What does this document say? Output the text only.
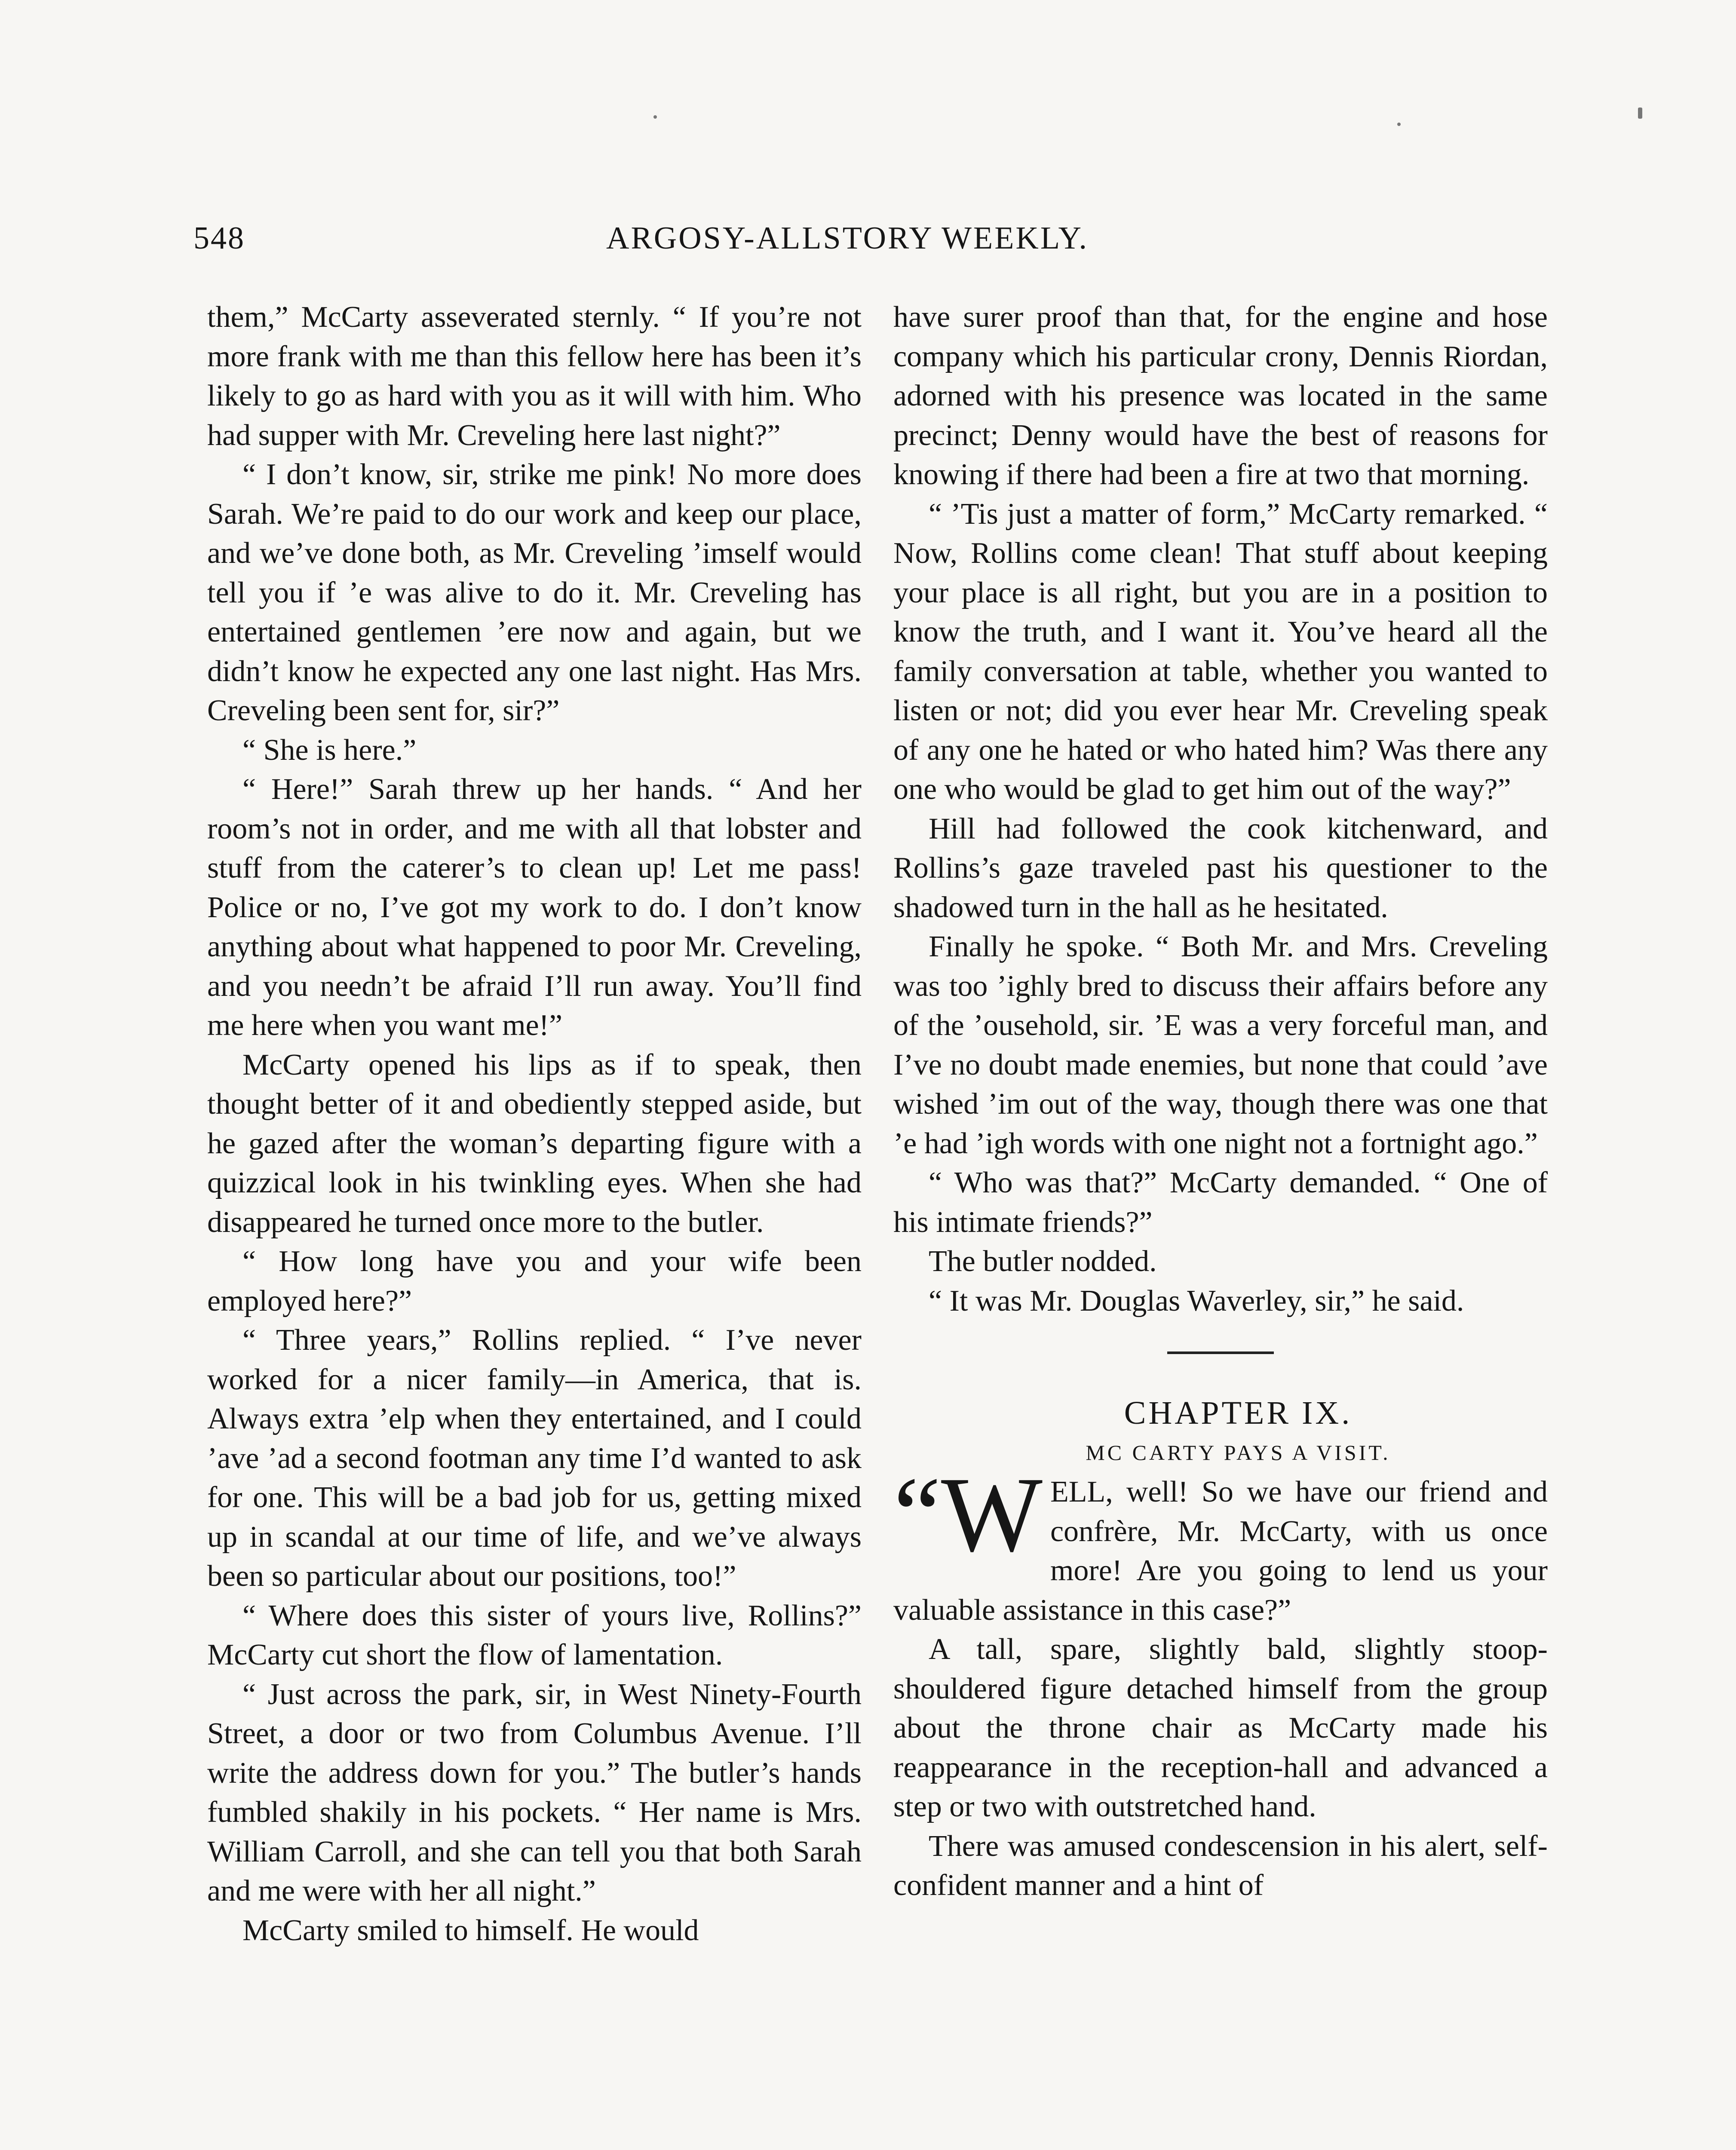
548	ARGOSY-ALLSTORY WEEKLY.

them,” McCarty asseverated sternly. “ If you’re not more frank with me than this fellow here has been it’s likely to go as hard with you as it will with him. Who had supper with Mr. Creveling here last night?”

“ I don’t know, sir, strike me pink! No more does Sarah. We’re paid to do our work and keep our place, and we’ve done both, as Mr. Creveling ’imself would tell you if ’e was alive to do it. Mr. Creveling has entertained gentlemen ’ere now and again, but we didn’t know he expected any one last night. Has Mrs. Creveling been sent for, sir?”

“ She is here.”

“ Here!” Sarah threw up her hands. “ And her room’s not in order, and me with all that lobster and stuff from the caterer’s to clean up! Let me pass! Police or no, I’ve got my work to do. I don’t know anything about what happened to poor Mr. Creveling, and you needn’t be afraid I’ll run away. You’ll find me here when you want me!”

McCarty opened his lips as if to speak, then thought better of it and obediently stepped aside, but he gazed after the woman’s departing figure with a quizzical look in his twinkling eyes. When she had disappeared he turned once more to the butler.

“ How long have you and your wife been employed here?”

“ Three years,” Rollins replied. “ I’ve never worked for a nicer family—in America, that is. Always extra ’elp when they entertained, and I could ’ave ’ad a second footman any time I’d wanted to ask for one. This will be a bad job for us, getting mixed up in scandal at our time of life, and we’ve always been so particular about our positions, too!”

“ Where does this sister of yours live, Rollins?” McCarty cut short the flow of lamentation.

“ Just across the park, sir, in West Ninety-Fourth Street, a door or two from Columbus Avenue. I’ll write the address down for you.” The butler’s hands fumbled shakily in his pockets. “ Her name is Mrs. William Carroll, and she can tell you that both Sarah and me were with her all night.”

McCarty smiled to himself. He would

have surer proof than that, for the engine and hose company which his particular crony, Dennis Riordan, adorned with his presence was located in the same precinct; Denny would have the best of reasons for knowing if there had been a fire at two that morning.

“ ’Tis just a matter of form,” McCarty remarked. “ Now, Rollins come clean! That stuff about keeping your place is all right, but you are in a position to know the truth, and I want it. You’ve heard all the family conversation at table, whether you wanted to listen or not; did you ever hear Mr. Creveling speak of any one he hated or who hated him? Was there any one who would be glad to get him out of the way?”

Hill had followed the cook kitchenward, and Rollins’s gaze traveled past his questioner to the shadowed turn in the hall as he hesitated.

Finally he spoke. “ Both Mr. and Mrs. Creveling was too ’ighly bred to discuss their affairs before any of the ’ousehold, sir. ’E was a very forceful man, and I’ve no doubt made enemies, but none that could ’ave wished ’im out of the way, though there was one that ’e had ’igh words with one night not a fortnight ago.”

“ Who was that?” McCarty demanded. “ One of his intimate friends?”

The butler nodded.

“ It was Mr. Douglas Waverley, sir,” he said.

CHAPTER IX.

MC CARTY PAYS A VISIT.

“W ELL, well! So we have our friend and confrère, Mr. McCarty, with us once more! Are you going to lend us your valuable assistance in this case?”

A tall, spare, slightly bald, slightly stoop-shouldered figure detached himself from the group about the throne chair as McCarty made his reappearance in the reception-hall and advanced a step or two with outstretched hand.

There was amused condescension in his alert, self-confident manner and a hint of
